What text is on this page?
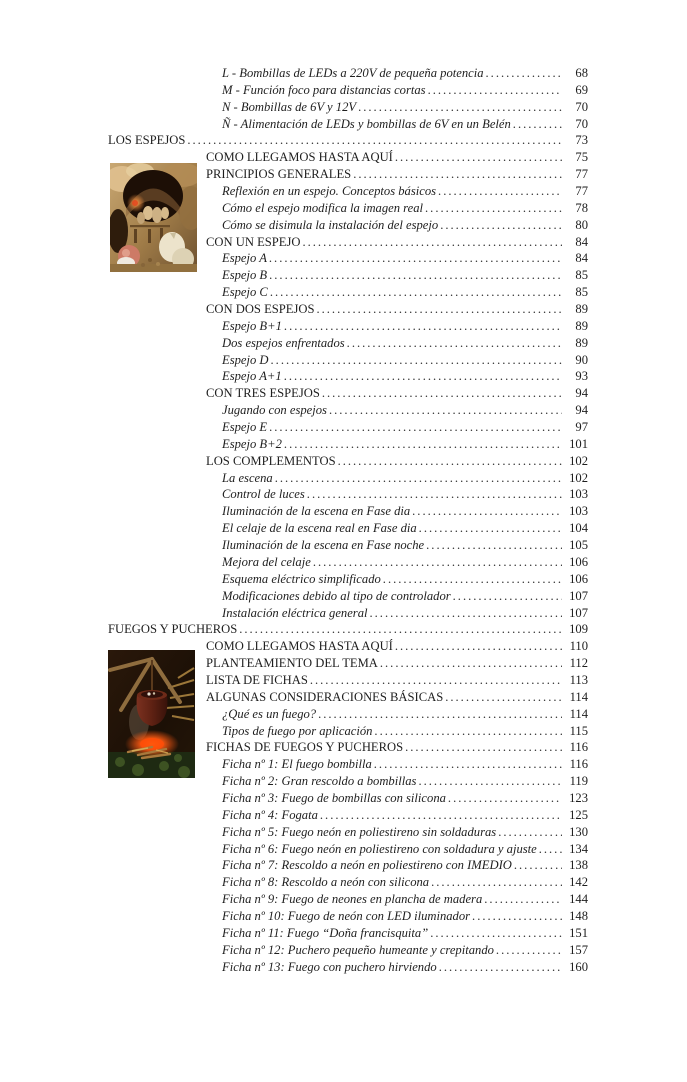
L - Bombillas de LEDs a 220V de pequeña potencia .....	68
M - Función foco para distancias cortas .....	69
N - Bombillas de 6V y 12V .....	70
Ñ - Alimentación de LEDs y bombillas de 6V en un Belén .....	70
LOS ESPEJOS .....	73
COMO LLEGAMOS HASTA AQUÍ .....	75
PRINCIPIOS GENERALES .....	77
Reflexión en un espejo. Conceptos básicos .....	77
Cómo el espejo modifica la imagen real .....	78
Cómo se disimula la instalación del espejo .....	80
CON UN ESPEJO .....	84
Espejo A .....	84
Espejo B .....	85
Espejo C .....	85
CON DOS ESPEJOS .....	89
Espejo B+1 .....	89
Dos espejos enfrentados .....	89
Espejo D .....	90
Espejo A+1 .....	93
CON TRES ESPEJOS .....	94
Jugando con espejos .....	94
Espejo E .....	97
Espejo B+2 .....	101
LOS COMPLEMENTOS .....	102
La escena .....	102
Control de luces .....	103
Iluminación de la escena en Fase dia .....	103
El celaje de la escena real en Fase dia .....	104
Iluminación de la escena en Fase noche .....	105
Mejora del celaje .....	106
Esquema eléctrico simplificado .....	106
Modificaciones debido al tipo de controlador .....	107
Instalación eléctrica general .....	107
FUEGOS Y PUCHEROS .....	109
COMO LLEGAMOS HASTA AQUÍ .....	110
PLANTEAMIENTO DEL TEMA .....	112
LISTA DE FICHAS .....	113
ALGUNAS CONSIDERACIONES BÁSICAS .....	114
¿Qué es un fuego? .....	114
Tipos de fuego por aplicación .....	115
FICHAS DE FUEGOS Y PUCHEROS .....	116
Ficha nº 1: El fuego bombilla .....	116
Ficha nº 2: Gran rescoldo a bombillas .....	119
Ficha nº 3: Fuego de bombillas con silicona .....	123
Ficha nº 4: Fogata .....	125
Ficha nº 5: Fuego neón en poliestireno sin soldaduras .....	130
Ficha nº 6: Fuego neón en poliestireno con soldadura y ajuste .....	134
Ficha nº 7: Rescoldo a neón en poliestireno con IMEDIO .....	138
Ficha nº 8: Rescoldo a neón con silicona .....	142
Ficha nº 9: Fuego de neones en plancha de madera .....	144
Ficha nº 10: Fuego de neón con LED iluminador .....	148
Ficha nº 11: Fuego “Doña francisquita” .....	151
Ficha nº 12: Puchero pequeño humeante y crepitando .....	157
Ficha nº 13: Fuego con puchero hirviendo .....	160
